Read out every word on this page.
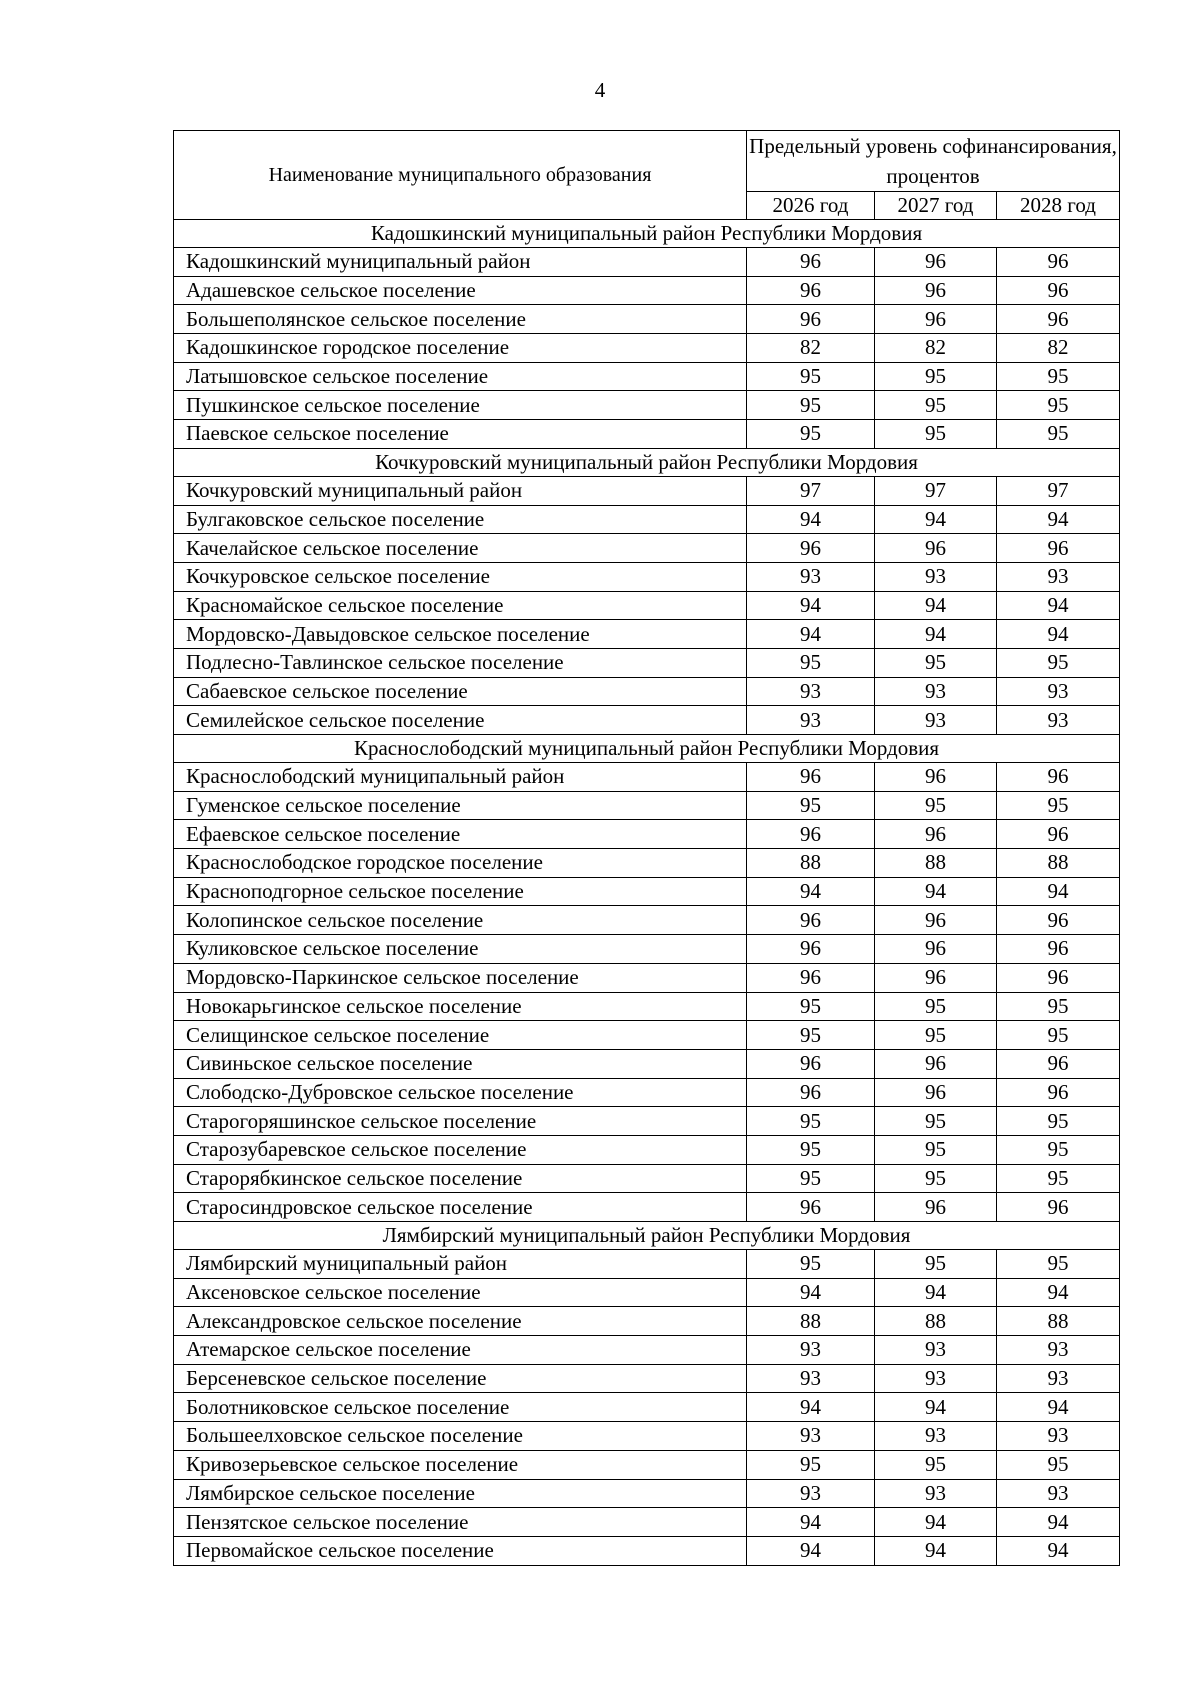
4
Наименование муниципального образования	Предельный уровень софинансирования, процентов		
	2026 год	2027 год	2028 год
Кадошкинский муниципальный район Республики Мордовия			
Кадошкинский муниципальный район	96	96	96
Адашевское сельское поселение	96	96	96
Большеполянское сельское поселение	96	96	96
Кадошкинское городское поселение	82	82	82
Латышовское сельское поселение	95	95	95
Пушкинское сельское поселение	95	95	95
Паевское сельское поселение	95	95	95
Кочкуровский муниципальный район Республики Мордовия			
Кочкуровский муниципальный район	97	97	97
Булгаковское сельское поселение	94	94	94
Качелайское сельское поселение	96	96	96
Кочкуровское сельское поселение	93	93	93
Красномайское сельское поселение	94	94	94
Мордовско-Давыдовское сельское поселение	94	94	94
Подлесно-Тавлинское сельское поселение	95	95	95
Сабаевское сельское поселение	93	93	93
Семилейское сельское поселение	93	93	93
Краснослободский муниципальный район Республики Мордовия			
Краснослободский муниципальный район	96	96	96
Гуменское сельское поселение	95	95	95
Ефаевское сельское поселение	96	96	96
Краснослободское городское поселение	88	88	88
Красноподгорное сельское поселение	94	94	94
Колопинское сельское поселение	96	96	96
Куликовское сельское поселение	96	96	96
Мордовско-Паркинское сельское поселение	96	96	96
Новокарьгинское сельское поселение	95	95	95
Селищинское сельское поселение	95	95	95
Сивиньское сельское поселение	96	96	96
Слободско-Дубровское сельское поселение	96	96	96
Старогоряшинское сельское поселение	95	95	95
Старозубаревское сельское поселение	95	95	95
Старорябкинское сельское поселение	95	95	95
Старосиндровское сельское поселение	96	96	96
Лямбирский муниципальный район Республики Мордовия			
Лямбирский муниципальный район	95	95	95
Аксеновское сельское поселение	94	94	94
Александровское сельское поселение	88	88	88
Атемарское сельское поселение	93	93	93
Берсеневское сельское поселение	93	93	93
Болотниковское сельское поселение	94	94	94
Большеелховское сельское поселение	93	93	93
Кривозерьевское сельское поселение	95	95	95
Лямбирское сельское поселение	93	93	93
Пензятское сельское поселение	94	94	94
Первомайское сельское поселение	94	94	94
